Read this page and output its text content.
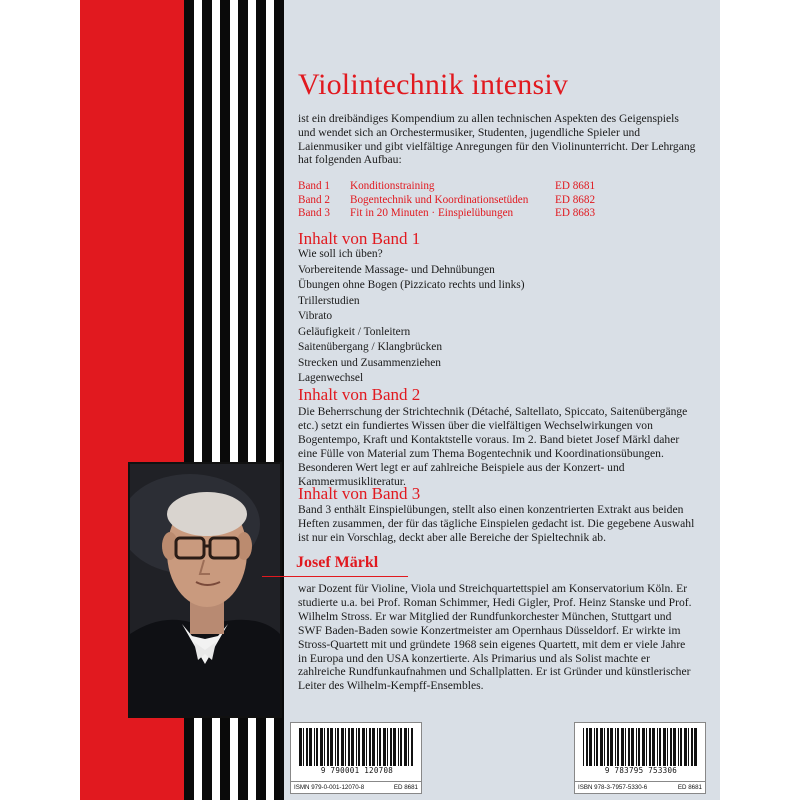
Violintechnik intensiv

ist ein dreibändiges Kompendium zu allen technischen Aspekten des Geigenspiels und wendet sich an Orchestermusiker, Studenten, jugendliche Spieler und Laienmusiker und gibt vielfältige Anregungen für den Violinunterricht. Der Lehrgang hat folgenden Aufbau:

Band 1	Konditionstraining	ED 8681
Band 2	Bogentechnik und Koordinationsetüden	ED 8682
Band 3	Fit in 20 Minuten · Einspielübungen	ED 8683
Inhalt von Band 1
Wie soll ich üben?
Vorbereitende Massage- und Dehnübungen
Übungen ohne Bogen (Pizzicato rechts und links)
Trillerstudien
Vibrato
Geläufigkeit / Tonleitern
Saitenübergang / Klangbrücken
Strecken und Zusammenziehen
Lagenwechsel
Inhalt von Band 2

Die Beherrschung der Strichtechnik (Détaché, Saltellato, Spiccato, Saitenübergänge etc.) setzt ein fundiertes Wissen über die vielfältigen Wechselwirkungen von Bogentempo, Kraft und Kontaktstelle voraus. Im 2. Band bietet Josef Märkl daher eine Fülle von Material zum Thema Bogentechnik und Koordinationsübungen. Besonderen Wert legt er auf zahlreiche Beispiele aus der Konzert- und Kammermusikliteratur.

Inhalt von Band 3

Band 3 enthält Einspielübungen, stellt also einen konzentrierten Extrakt aus beiden Heften zusammen, der für das tägliche Einspielen gedacht ist. Die gegebene Auswahl ist nur ein Vorschlag, deckt aber alle Bereiche der Spieltechnik ab.

Josef Märkl

war Dozent für Violine, Viola und Streichquartettspiel am Konservatorium Köln. Er studierte u.a. bei Prof. Roman Schimmer, Hedi Gigler, Prof. Heinz Stanske und Prof. Wilhelm Stross. Er war Mitglied der Rundfunkorchester München, Stuttgart und SWF Baden-Baden sowie Konzertmeister am Opernhaus Düsseldorf. Er wirkte im Stross-Quartett mit und gründete 1968 sein eigenes Quartett, mit dem er viele Jahre in Europa und den USA konzertierte. Als Primarius und als Solist machte er zahlreiche Rundfunkaufnahmen und Schallplatten. Er ist Gründer und künstlerischer Leiter des Wilhelm-Kempff-Ensembles.

9 790001 120708
ISMN 979-0-001-12070-8	ED 8681
9 783795 753306
ISBN 978-3-7957-5330-6	ED 8681
